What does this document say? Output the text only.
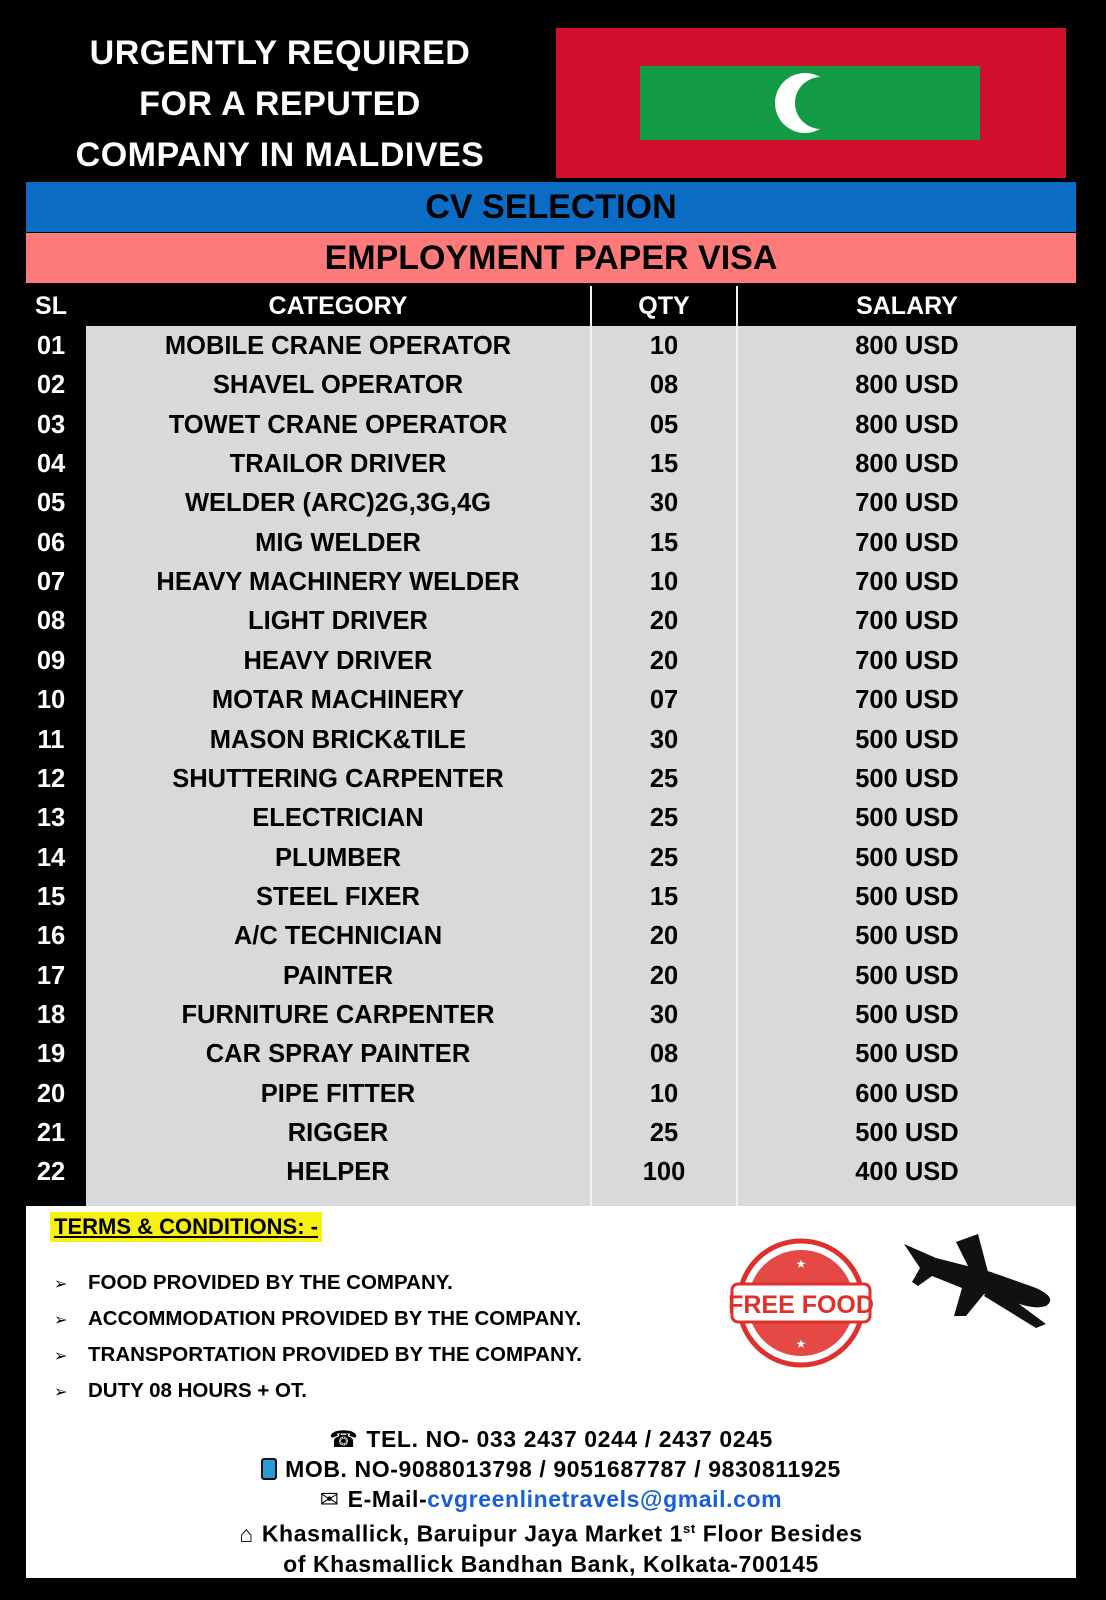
URGENTLY REQUIRED
FOR A REPUTED
COMPANY IN MALDIVES
CV SELECTION
EMPLOYMENT PAPER VISA
SL	CATEGORY	QTY	SALARY
01	MOBILE CRANE OPERATOR	10	800 USD
02	SHAVEL OPERATOR	08	800 USD
03	TOWET CRANE OPERATOR	05	800 USD
04	TRAILOR DRIVER	15	800 USD
05	WELDER (ARC)2G,3G,4G	30	700 USD
06	MIG WELDER	15	700 USD
07	HEAVY MACHINERY WELDER	10	700 USD
08	LIGHT DRIVER	20	700 USD
09	HEAVY DRIVER	20	700 USD
10	MOTAR MACHINERY	07	700 USD
11	MASON BRICK&TILE	30	500 USD
12	SHUTTERING CARPENTER	25	500 USD
13	ELECTRICIAN	25	500 USD
14	PLUMBER	25	500 USD
15	STEEL FIXER	15	500 USD
16	A/C TECHNICIAN	20	500 USD
17	PAINTER	20	500 USD
18	FURNITURE CARPENTER	30	500 USD
19	CAR SPRAY PAINTER	08	500 USD
20	PIPE FITTER	10	600 USD
21	RIGGER	25	500 USD
22	HELPER	100	400 USD
TERMS & CONDITIONS: -
➢ FOOD PROVIDED BY THE COMPANY.
➢ ACCOMMODATION PROVIDED BY THE COMPANY.
➢ TRANSPORTATION PROVIDED BY THE COMPANY.
➢ DUTY 08 HOURS + OT.
FREE FOOD
★
★
☎ TEL. NO- 033 2437 0244 / 2437 0245
MOB. NO-9088013798 / 9051687787 / 9830811925
✉ E-Mail-cvgreenlinetravels@gmail.com
⌂ Khasmallick, Baruipur Jaya Market 1st Floor Besides
of Khasmallick Bandhan Bank, Kolkata-700145
